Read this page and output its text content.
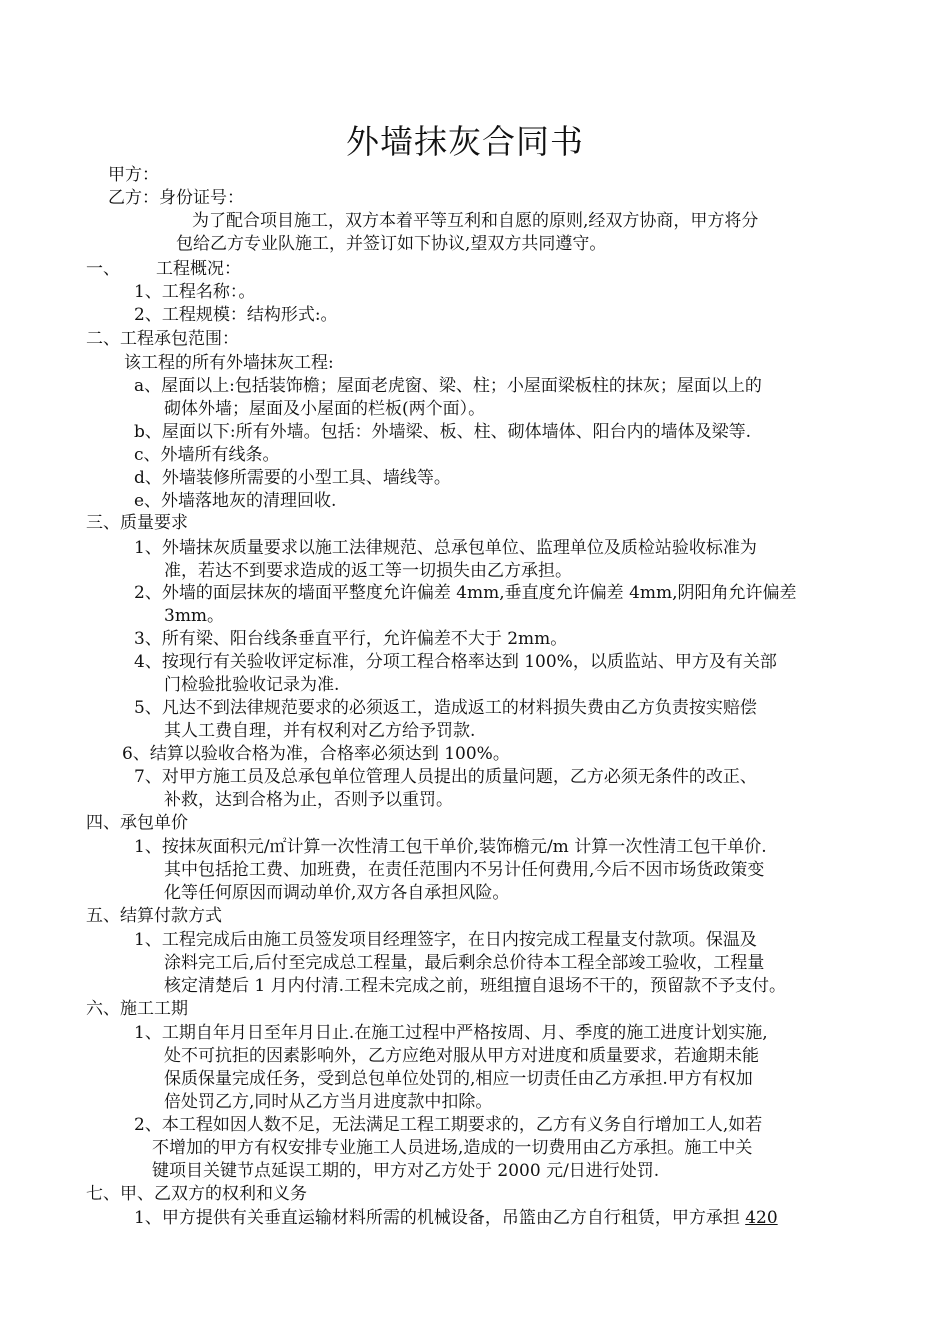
外墙抹灰合同书
甲方：
乙方：身份证号：
为了配合项目施工，双方本着平等互利和自愿的原则,经双方协商，甲方将分
包给乙方专业队施工，并签订如下协议,望双方共同遵守。
一、 工程概况：
1、工程名称：。
2、工程规模：结构形式:。
二、工程承包范围：
该工程的所有外墙抹灰工程:
a、屋面以上:包括装饰檐；屋面老虎窗、梁、柱；小屋面梁板柱的抹灰；屋面以上的
砌体外墙；屋面及小屋面的栏板(两个面）。
b、屋面以下:所有外墙。包括：外墙梁、板、柱、砌体墙体、阳台内的墙体及梁等.
c、外墙所有线条。
d、外墙装修所需要的小型工具、墙线等。
e、外墙落地灰的清理回收.
三、质量要求
1、外墙抹灰质量要求以施工法律规范、总承包单位、监理单位及质检站验收标准为
准，若达不到要求造成的返工等一切损失由乙方承担。
2、外墙的面层抹灰的墙面平整度允许偏差 4mm,垂直度允许偏差 4mm,阴阳角允许偏差
3mm。
3、所有梁、阳台线条垂直平行，允许偏差不大于 2mm。
4、按现行有关验收评定标准，分项工程合格率达到 100%，以质监站、甲方及有关部
门检验批验收记录为准.
5、凡达不到法律规范要求的必须返工，造成返工的材料损失费由乙方负责按实赔偿
其人工费自理，并有权利对乙方给予罚款.
6、结算以验收合格为准，合格率必须达到 100%。
7、对甲方施工员及总承包单位管理人员提出的质量问题，乙方必须无条件的改正、
补救，达到合格为止，否则予以重罚。
四、承包单价
1、按抹灰面积元/㎡计算一次性清工包干单价,装饰檐元/m 计算一次性清工包干单价.
其中包括抢工费、加班费，在责任范围内不另计任何费用,今后不因市场货政策变
化等任何原因而调动单价,双方各自承担风险。
五、结算付款方式
1、工程完成后由施工员签发项目经理签字，在日内按完成工程量支付款项。保温及
涂料完工后,后付至完成总工程量，最后剩余总价待本工程全部竣工验收，工程量
核定清楚后 1 月内付清.工程未完成之前，班组擅自退场不干的，预留款不予支付。
六、施工工期
1、工期自年月日至年月日止.在施工过程中严格按周、月、季度的施工进度计划实施,
处不可抗拒的因素影响外，乙方应绝对服从甲方对进度和质量要求，若逾期未能
保质保量完成任务，受到总包单位处罚的,相应一切责任由乙方承担.甲方有权加
倍处罚乙方,同时从乙方当月进度款中扣除。
2、本工程如因人数不足，无法满足工程工期要求的，乙方有义务自行增加工人,如若
不增加的甲方有权安排专业施工人员进场,造成的一切费用由乙方承担。施工中关
键项目关键节点延误工期的，甲方对乙方处于 2000 元/日进行处罚.
七、甲、乙双方的权利和义务
1、甲方提供有关垂直运输材料所需的机械设备，吊篮由乙方自行租赁，甲方承担 420
